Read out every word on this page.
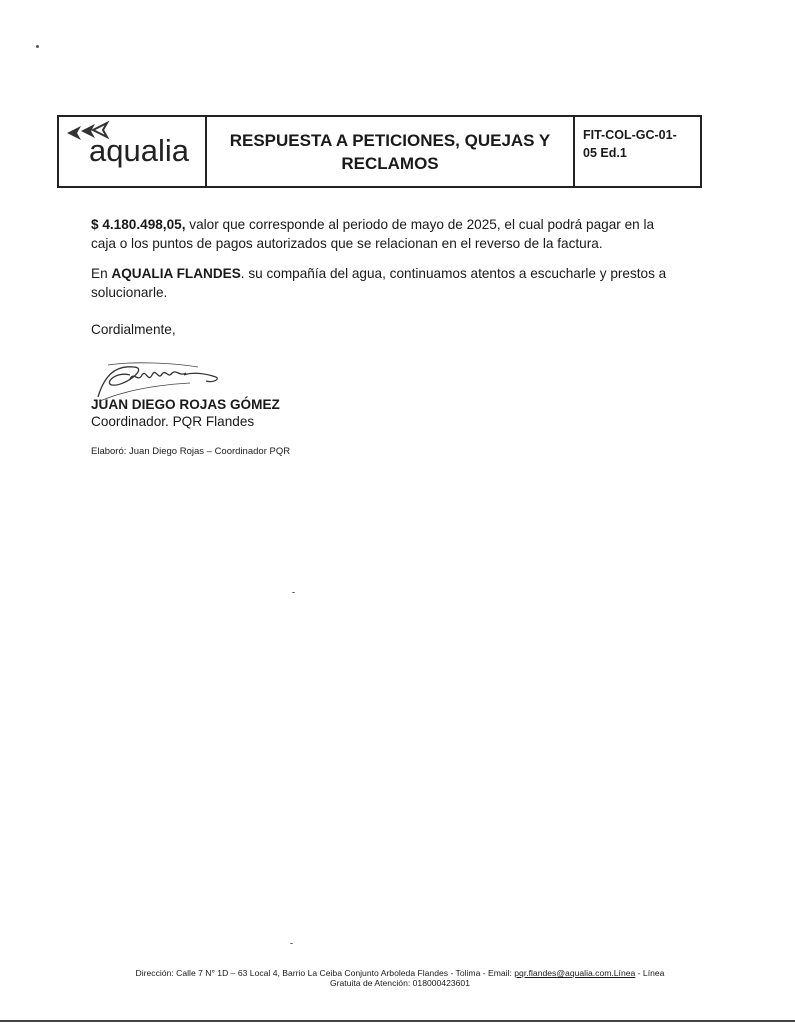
aqualia RESPUESTA A PETICIONES, QUEJAS Y
RECLAMOS
FIT-COL-GC-01-
05 Ed.1
$ 4.180.498,05, valor que corresponde al periodo de mayo de 2025, el cual podrá pagar en la caja o los puntos de pagos autorizados que se relacionan en el reverso de la factura.
En AQUALIA FLANDES. su compañía del agua, continuamos atentos a escucharle y prestos a solucionarle.
Cordialmente,
JUAN DIEGO ROJAS GÓMEZ
Coordinador. PQR Flandes
Elaboró: Juan Diego Rojas – Coordinador PQR
Dirección: Calle 7 N° 1D – 63 Local 4, Barrio La Ceiba Conjunto Arboleda Flandes - Tolima - Email: pqr.flandes@aqualia.com.Línea - Línea
Gratuita de Atención: 018000423601
